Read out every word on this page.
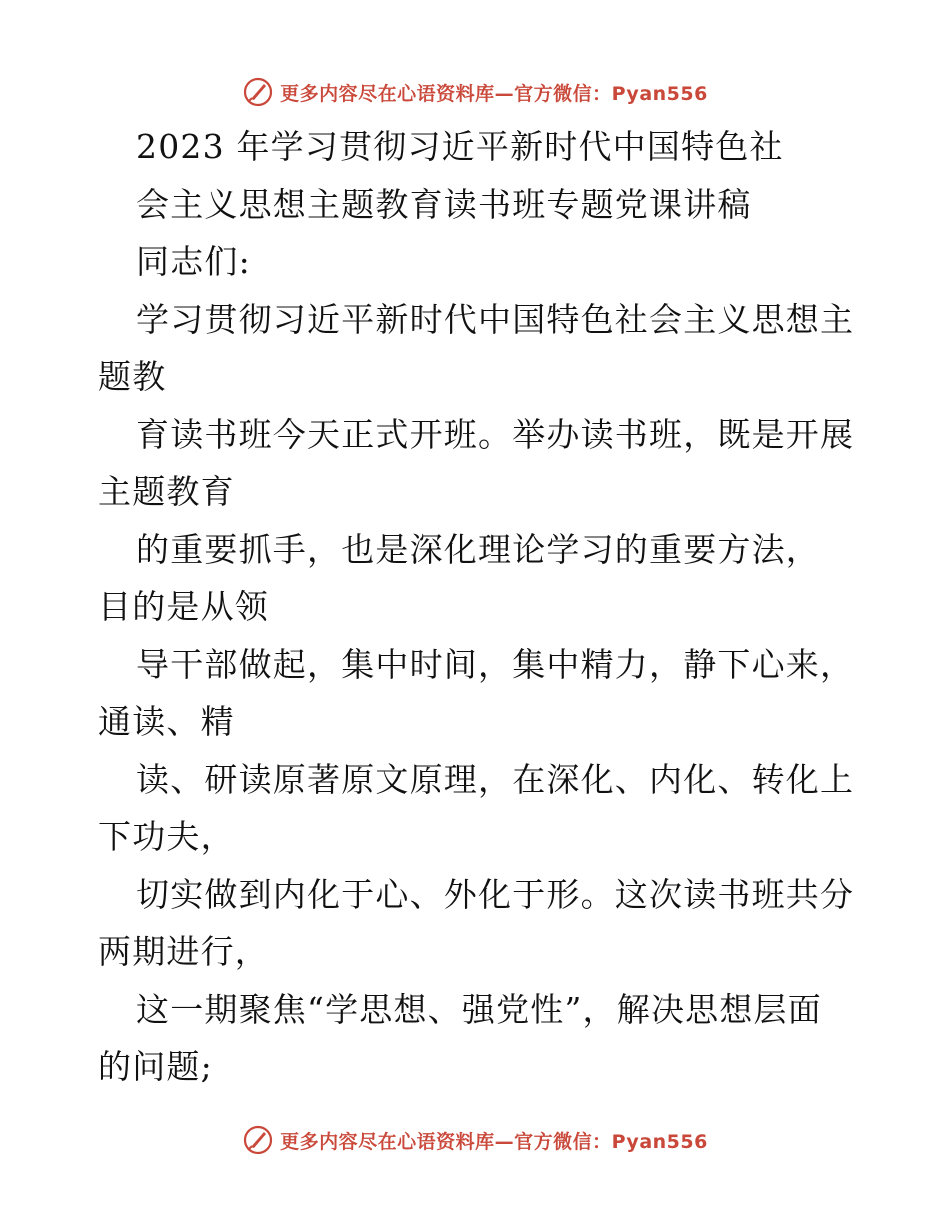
更多内容尽在心语资料库—官方微信：Pyan556
2023 年学习贯彻习近平新时代中国特色社
会主义思想主题教育读书班专题党课讲稿
同志们:
学习贯彻习近平新时代中国特色社会主义思想主
题教
育读书班今天正式开班。举办读书班，既是开展
主题教育
的重要抓手，也是深化理论学习的重要方法，
目的是从领
导干部做起，集中时间，集中精力，静下心来，
通读、精
读、研读原著原文原理，在深化、内化、转化上
下功夫，
切实做到内化于心、外化于形。这次读书班共分
两期进行，
这一期聚焦“学思想、强党性”，解决思想层面
的问题;
更多内容尽在心语资料库—官方微信：Pyan556
